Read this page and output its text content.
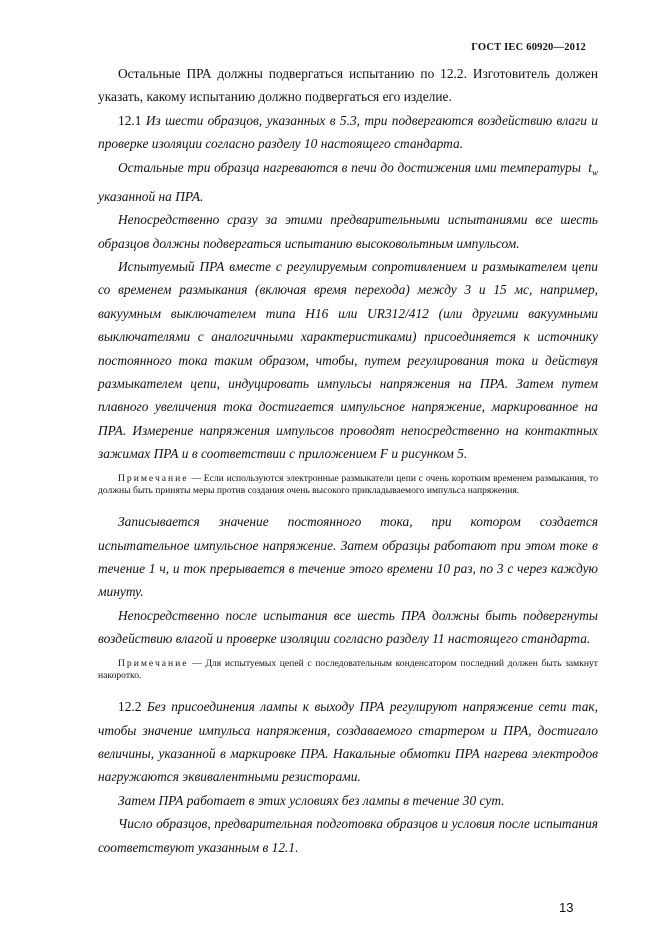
ГОСТ IEC 60920—2012

Остальные ПРА должны подвергаться испытанию по 12.2. Изготовитель должен указать, какому испытанию должно подвергаться его изделие.

12.1 Из шести образцов, указанных в 5.3, три подвергаются воздействию влаги и проверке изоляции согласно разделу 10 настоящего стандарта.

Остальные три образца нагреваются в печи до достижения ими температуры  $t_w$ указанной на ПРА.

Непосредственно сразу за этими предварительными испытаниями все шесть образцов должны подвергаться испытанию высоковольтным импульсом.

Испытуемый ПРА вместе с регулируемым сопротивлением и размыкателем цепи со временем размыкания (включая время перехода) между 3 и 15 мс, например, вакуумным выключателем типа H16 или UR312/412 (или другими вакуумными выключателями с аналогичными характеристиками) присоединяется к источнику постоянного тока таким образом, чтобы, путем регулирования тока и действуя размыкателем цепи, индуцировать импульсы напряжения на ПРА. Затем путем плавного увеличения тока достигается импульсное напряжение, маркированное на ПРА. Измерение напряжения импульсов проводят непосредственно на контактных зажимах ПРА и в соответствии с приложением F и рисунком 5.

Примечание — Если используются электронные размыкатели цепи с очень коротким временем размыкания, то должны быть приняты меры против создания очень высокого прикладываемого импульса напряжения.

Записывается значение постоянного тока, при котором создается испытательное импульсное напряжение. Затем образцы работают при этом токе в течение 1 ч, и ток прерывается в течение этого времени 10 раз, по 3 с через каждую минуту.

Непосредственно после испытания все шесть ПРА должны быть подвергнуты воздействию влагой и проверке изоляции согласно разделу 11 настоящего стандарта.

Примечание — Для испытуемых цепей с последовательным конденсатором последний должен быть замкнут накоротко.

12.2 Без присоединения лампы к выходу ПРА регулируют напряжение сети так, чтобы значение импульса напряжения, создаваемого стартером и ПРА, достигало величины, указанной в маркировке ПРА. Накальные обмотки ПРА нагрева электродов нагружаются эквивалентными резисторами.

Затем ПРА работает в этих условиях без лампы в течение 30 сут.

Число образцов, предварительная подготовка образцов и условия после испытания соответствуют указанным в 12.1.

13
